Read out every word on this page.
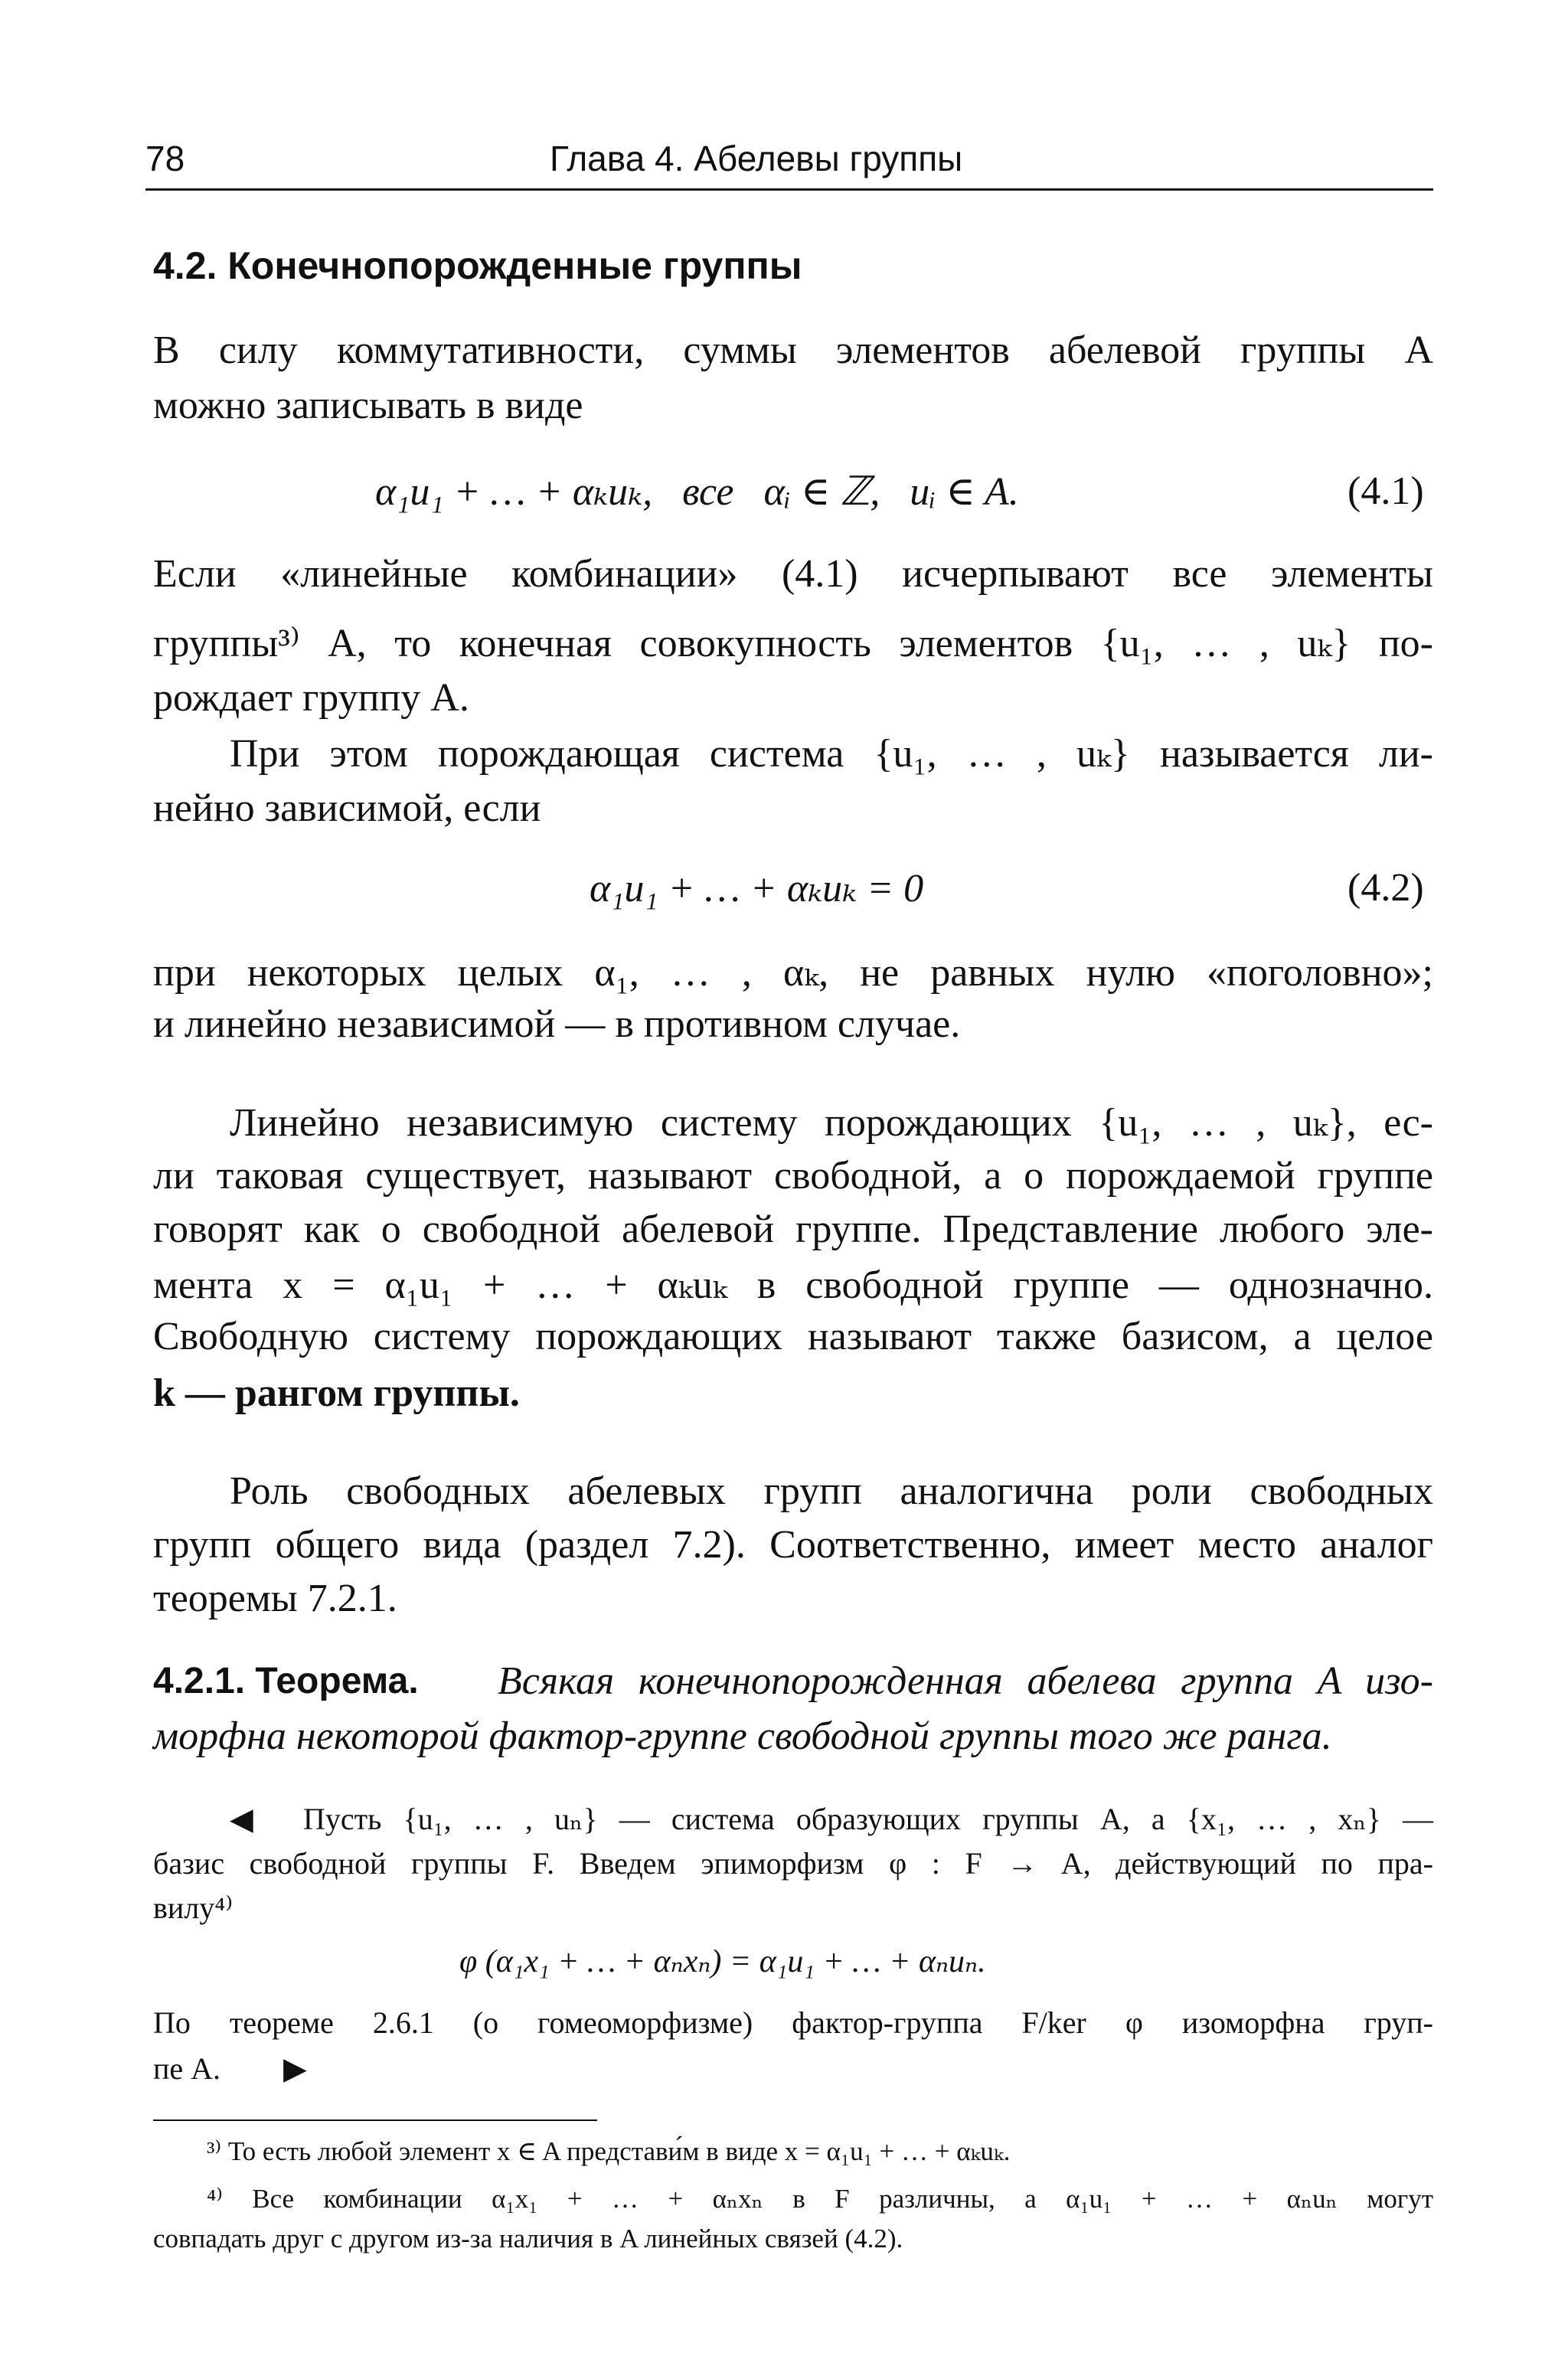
78	Глава 4. Абелевы группы
4.2. Конечнопорожденные группы
В силу коммутативности, суммы элементов абелевой группы A
можно записывать в виде
α₁u₁ + … + αₖuₖ,   все   αᵢ ∈ ℤ,   uᵢ ∈ A.	(4.1)
Если «линейные комбинации» (4.1) исчерпывают все элементы
группы³⁾ A, то конечная совокупность элементов {u₁, … , uₖ} по-
рождает группу A.
При этом порождающая система {u₁, … , uₖ} называется ли-
нейно зависимой, если
α₁u₁ + … + αₖuₖ = 0	(4.2)
при некоторых целых α₁, … , αₖ, не равных нулю «поголовно»;
и линейно независимой — в противном случае.
Линейно независимую систему порождающих {u₁, … , uₖ}, ес-
ли таковая существует, называют свободной, а о порождаемой группе
говорят как о свободной абелевой группе. Представление любого эле-
мента x = α₁u₁ + … + αₖuₖ в свободной группе — однозначно.
Свободную систему порождающих называют также базисом, а целое
k — рангом группы.
Роль свободных абелевых групп аналогична роли свободных
групп общего вида (раздел 7.2). Соответственно, имеет место аналог
теоремы 7.2.1.
4.2.1. Теорема. Всякая конечнопорожденная абелева группа A изо-
морфна некоторой фактор-группе свободной группы того же ранга.
◀ Пусть {u₁, … , uₙ} — система образующих группы A, а {x₁, … , xₙ} —
базис свободной группы F. Введем эпиморфизм φ : F → A, действующий по пра-
вилу⁴⁾
φ (α₁x₁ + … + αₙxₙ) = α₁u₁ + … + αₙuₙ.
По теореме 2.6.1 (о гомеоморфизме) фактор-группа F/ker φ изоморфна груп-
пе A. ▶
³⁾ То есть любой элемент x ∈ A представи́м в виде x = α₁u₁ + … + αₖuₖ.
⁴⁾ Все комбинации α₁x₁ + … + αₙxₙ в F различны, а α₁u₁ + … + αₙuₙ могут
совпадать друг с другом из-за наличия в A линейных связей (4.2).
